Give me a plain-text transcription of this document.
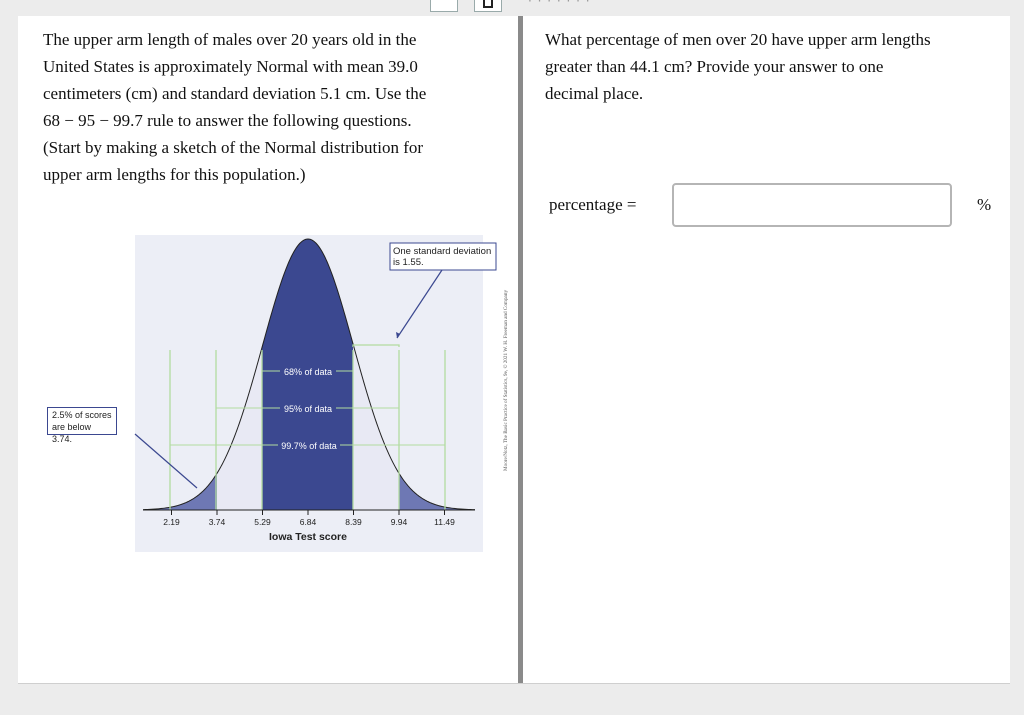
· · · · · · ·

The upper arm length of males over 20 years old in the
United States is approximately Normal with mean 39.0
centimeters (cm) and standard deviation 5.1 cm. Use the
68 − 95 − 99.7 rule to answer the following questions.
(Start by making a sketch of the Normal distribution for
upper arm lengths for this population.)

68% of data
95% of data
99.7% of data
2.19	3.74	5.29	6.84	8.39	9.94	11.49
Iowa Test score
One standard deviation
is 1.55.
Moore/Notz, The Basic Practice of Statistics, 9e, © 2021 W. H. Freeman and Company
2.5% of scores
are below 3.74.

What percentage of men over 20 have upper arm lengths
greater than 44.1 cm? Provide your answer to one
decimal place.

percentage =	%
